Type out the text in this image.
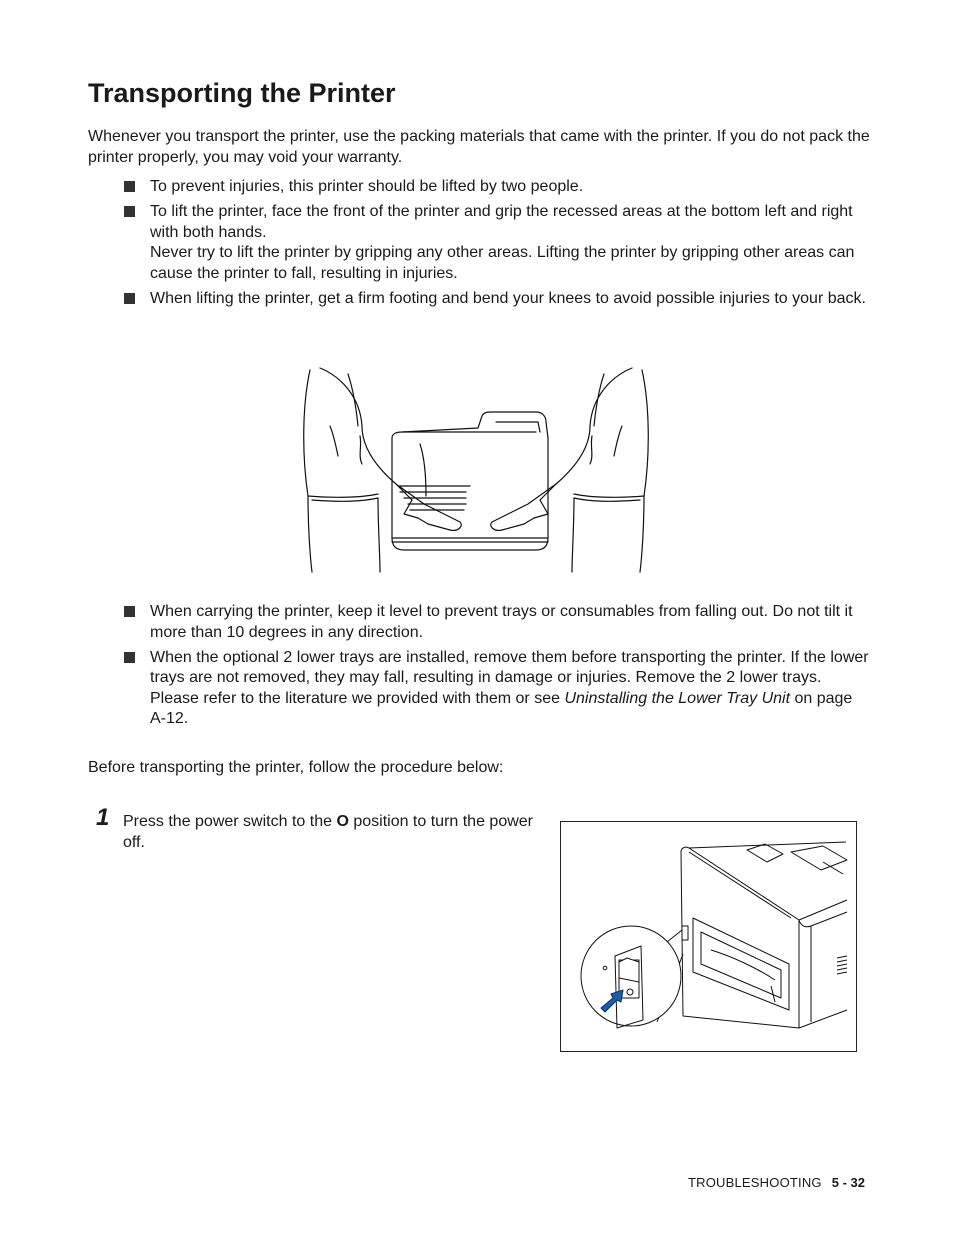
Transporting the Printer

Whenever you transport the printer, use the packing materials that came with the printer. If you do not pack the printer properly, you may void your warranty.

To prevent injuries, this printer should be lifted by two people.

To lift the printer, face the front of the printer and grip the recessed areas at the bottom left and right with both hands.

Never try to lift the printer by gripping any other areas. Lifting the printer by gripping other areas can cause the printer to fall, resulting in injuries.

When lifting the printer, get a firm footing and bend your knees to avoid possible injuries to your back.

When carrying the printer, keep it level to prevent trays or consumables from falling out. Do not tilt it more than 10 degrees in any direction.

When the optional 2 lower trays are installed, remove them before transporting the printer. If the lower trays are not removed, they may fall, resulting in damage or injuries. Remove the 2 lower trays. Please refer to the literature we provided with them or see Uninstalling the Lower Tray Unit on page A-12.

Before transporting the printer, follow the procedure below:

1 Press the power switch to the O position to turn the power off.

TROUBLESHOOTING 5 - 32
